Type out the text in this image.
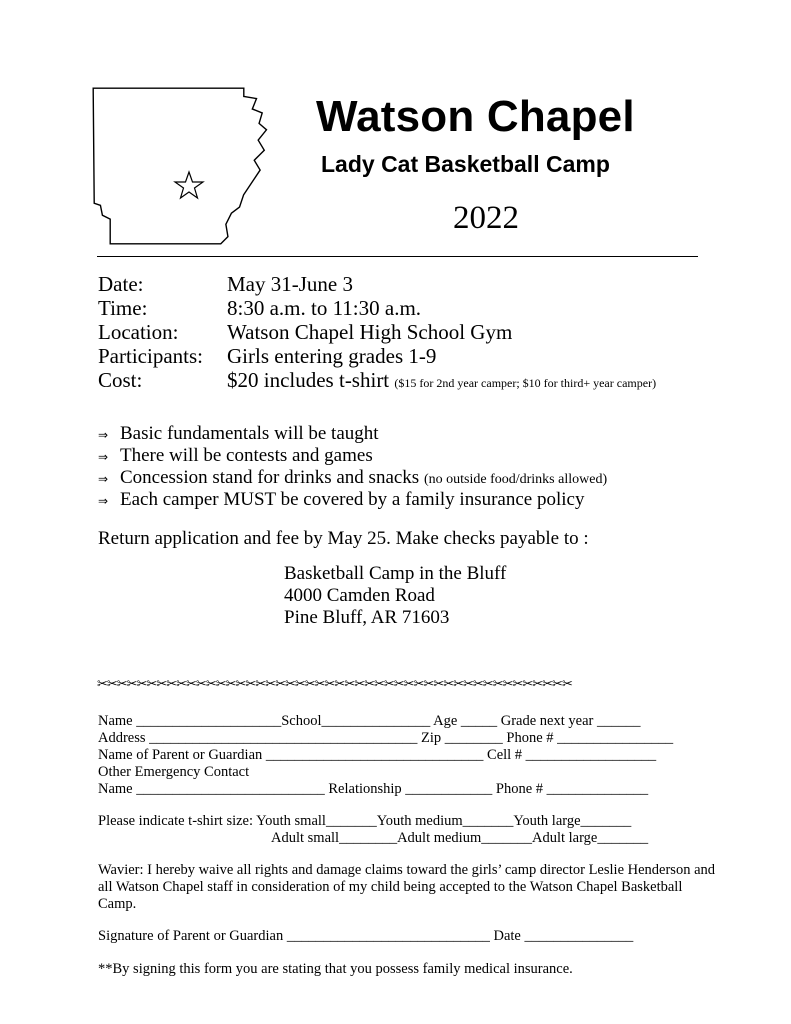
Watson Chapel
Lady Cat Basketball Camp
2022
Date:	May 31-June 3
Time:	8:30 a.m. to 11:30 a.m.
Location: Watson Chapel High School Gym
Participants: Girls entering grades 1-9
Cost:	$20 includes t-shirt ($15 for 2nd year camper; $10 for third+ year camper)
⇒ Basic fundamentals will be taught
⇒ There will be contests and games
⇒ Concession stand for drinks and snacks (no outside food/drinks allowed)
⇒ Each camper MUST be covered by a family insurance policy
Return application and fee by May 25. Make checks payable to :
Basketball Camp in the Bluff
4000 Camden Road
Pine Bluff, AR 71603
✂✂✂✂✂✂✂✂✂✂✂✂✂✂✂✂✂✂✂✂✂✂✂✂✂✂✂✂✂✂✂✂✂✂✂✂✂✂✂✂✂✂✂✂✂✂✂✂
Name ____________________School_______________ Age _____ Grade next year ______
Address _____________________________________ Zip ________ Phone # ________________
Name of Parent or Guardian ______________________________ Cell # __________________
Other Emergency Contact
Name __________________________ Relationship ____________ Phone # ______________
Please indicate t-shirt size: Youth small_______Youth medium_______Youth large_______
Adult small________Adult medium_______Adult large_______
Wavier: I hereby waive all rights and damage claims toward the girls’ camp director Leslie Henderson and all Watson Chapel staff in consideration of my child being accepted to the Watson Chapel Basketball Camp.
Signature of Parent or Guardian ____________________________ Date _______________
**By signing this form you are stating that you possess family medical insurance.
